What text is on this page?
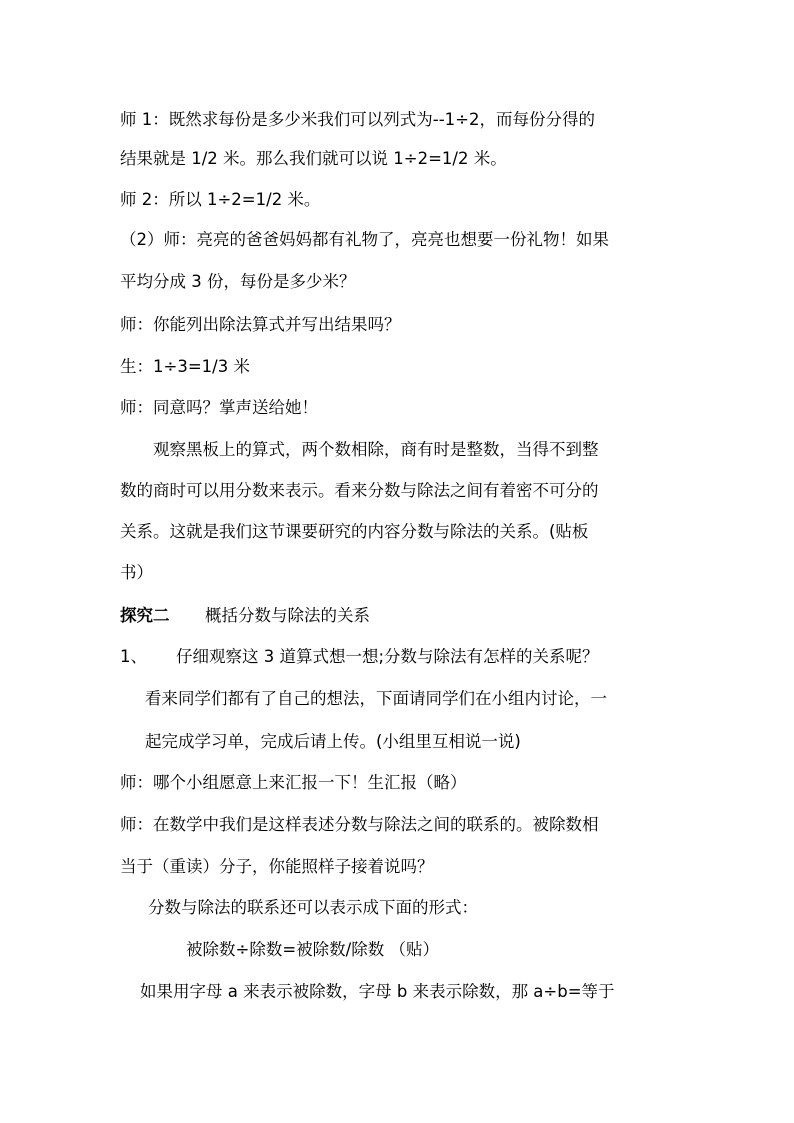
师 1：既然求每份是多少米我们可以列式为--1÷2，而每份分得的
结果就是 1/2 米。那么我们就可以说 1÷2=1/2 米。
师 2：所以 1÷2=1/2 米。
（2）师：亮亮的爸爸妈妈都有礼物了，亮亮也想要一份礼物！如果
平均分成 3 份，每份是多少米？
师：你能列出除法算式并写出结果吗？
生：1÷3=1/3 米
师：同意吗？掌声送给她！
观察黑板上的算式，两个数相除，商有时是整数，当得不到整
数的商时可以用分数来表示。看来分数与除法之间有着密不可分的
关系。这就是我们这节课要研究的内容分数与除法的关系。(贴板
书）
探究二 概括分数与除法的关系
1、 仔细观察这 3 道算式想一想;分数与除法有怎样的关系呢？
看来同学们都有了自己的想法，下面请同学们在小组内讨论，一
起完成学习单，完成后请上传。(小组里互相说一说)
师：哪个小组愿意上来汇报一下！生汇报（略）
师：在数学中我们是这样表述分数与除法之间的联系的。被除数相
当于（重读）分子，你能照样子接着说吗？
分数与除法的联系还可以表示成下面的形式：
被除数÷除数=被除数/除数 （贴）
如果用字母 a 来表示被除数，字母 b 来表示除数，那 a÷b=等于
